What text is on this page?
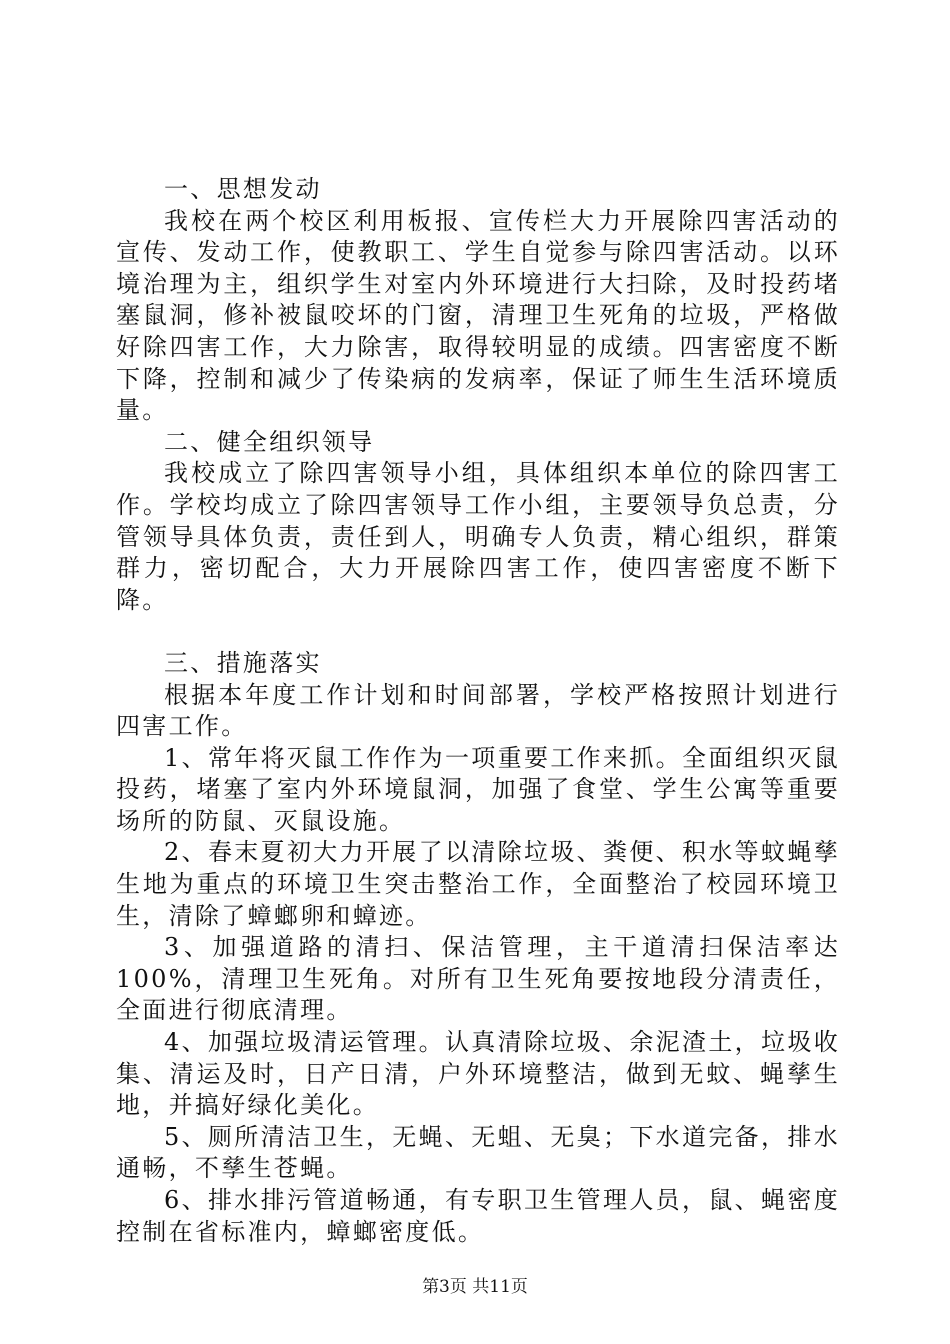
一、思想发动
我校在两个校区利用板报、宣传栏大力开展除四害活动的宣传、发动工作，使教职工、学生自觉参与除四害活动。以环境治理为主，组织学生对室内外环境进行大扫除，及时投药堵塞鼠洞，修补被鼠咬坏的门窗，清理卫生死角的垃圾，严格做好除四害工作，大力除害，取得较明显的成绩。四害密度不断下降，控制和减少了传染病的发病率，保证了师生生活环境质量。
二、健全组织领导
我校成立了除四害领导小组，具体组织本单位的除四害工作。学校均成立了除四害领导工作小组，主要领导负总责，分管领导具体负责，责任到人，明确专人负责，精心组织，群策群力，密切配合，大力开展除四害工作，使四害密度不断下降。
三、措施落实
根据本年度工作计划和时间部署，学校严格按照计划进行四害工作。
1、常年将灭鼠工作作为一项重要工作来抓。全面组织灭鼠投药，堵塞了室内外环境鼠洞，加强了食堂、学生公寓等重要场所的防鼠、灭鼠设施。
2、春末夏初大力开展了以清除垃圾、粪便、积水等蚊蝇孳生地为重点的环境卫生突击整治工作，全面整治了校园环境卫生，清除了蟑螂卵和蟑迹。
3、加强道路的清扫、保洁管理，主干道清扫保洁率达100%，清理卫生死角。对所有卫生死角要按地段分清责任，全面进行彻底清理。
4、加强垃圾清运管理。认真清除垃圾、余泥渣土，垃圾收集、清运及时，日产日清，户外环境整洁，做到无蚊、蝇孳生地，并搞好绿化美化。
5、厕所清洁卫生，无蝇、无蛆、无臭；下水道完备，排水通畅，不孳生苍蝇。
6、排水排污管道畅通，有专职卫生管理人员，鼠、蝇密度控制在省标准内，蟑螂密度低。
第3页 共11页
